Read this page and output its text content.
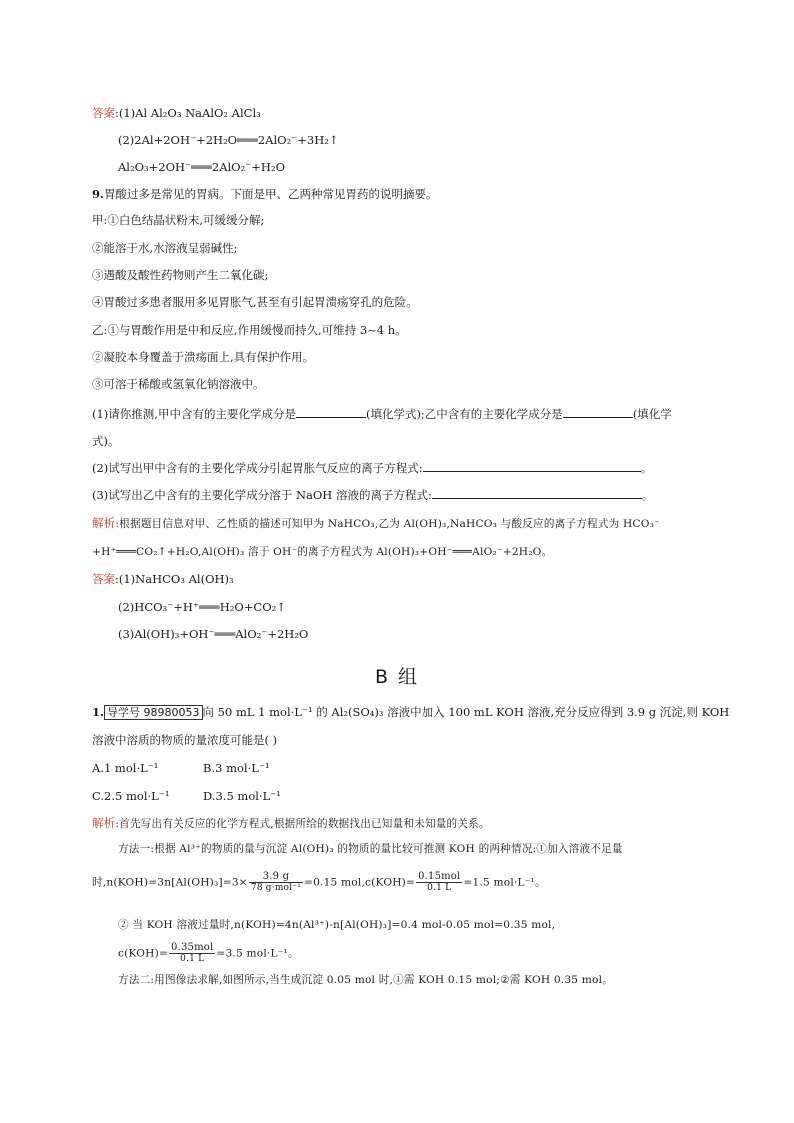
答案:(1)Al Al₂O₃ NaAlO₂ AlCl₃
(2)2Al+2OH⁻+2H₂O═══2AlO₂⁻+3H₂↑
Al₂O₃+2OH⁻═══2AlO₂⁻+H₂O
9.胃酸过多是常见的胃病。下面是甲、乙两种常见胃药的说明摘要。
甲:①白色结晶状粉末,可缓缓分解;
②能溶于水,水溶液呈弱碱性;
③遇酸及酸性药物则产生二氧化碳;
④胃酸过多患者服用多见胃胀气,甚至有引起胃溃疡穿孔的危险。
乙:①与胃酸作用是中和反应,作用缓慢而持久,可维持 3~4 h。
②凝胶本身覆盖于溃疡面上,具有保护作用。
③可溶于稀酸或氢氧化钠溶液中。
(1)请你推测,甲中含有的主要化学成分是	(填化学式);乙中含有的主要化学成分是	(填化学
式)。
(2)试写出甲中含有的主要化学成分引起胃胀气反应的离子方程式:	。
(3)试写出乙中含有的主要化学成分溶于 NaOH 溶液的离子方程式:	。
解析:根据题目信息对甲、乙性质的描述可知甲为 NaHCO₃,乙为 Al(OH)₃,NaHCO₃ 与酸反应的离子方程式为 HCO₃⁻
+H⁺═══CO₂↑+H₂O,Al(OH)₃ 溶于 OH⁻的离子方程式为 Al(OH)₃+OH⁻═══AlO₂⁻+2H₂O。
答案:(1)NaHCO₃ Al(OH)₃
(2)HCO₃⁻+H⁺═══H₂O+CO₂↑
(3)Al(OH)₃+OH⁻═══AlO₂⁻+2H₂O
B 组
1. 导学号 98980053 向 50 mL 1 mol·L⁻¹ 的 Al₂(SO₄)₃ 溶液中加入 100 mL KOH 溶液,充分反应得到 3.9 g 沉淀,则 KOH
溶液中溶质的物质的量浓度可能是( )
A.1 mol·L⁻¹	B.3 mol·L⁻¹
C.2.5 mol·L⁻¹	D.3.5 mol·L⁻¹
解析:首先写出有关反应的化学方程式,根据所给的数据找出已知量和未知量的关系。
方法一:根据 Al³⁺的物质的量与沉淀 Al(OH)₃ 的物质的量比较可推测 KOH 的两种情况:①加入溶液不足量
时$,n(KOH)=3n[Al(OH)_3]=3\times \frac{3.9 g}{\text{78 g·mol⁻¹}} =0.15$ $mol,c(KOH)= \frac{\text{0.15mol}}{0.1 L} =1.5$ mol·L⁻¹。
② 当 KOH 溶液过量时,n(KOH)=4n(Al³⁺)-n[Al(OH)₃]=0.4 mol-0.05 mol=0.35 mol,
$c(KOH)= \frac{\text{0.35mol}}{0.1 L} =3.5$ mol·L⁻¹。
方法二:用图像法求解,如图所示,当生成沉淀 0.05 mol 时,①需 KOH 0.15 mol;②需 KOH 0.35 mol。
